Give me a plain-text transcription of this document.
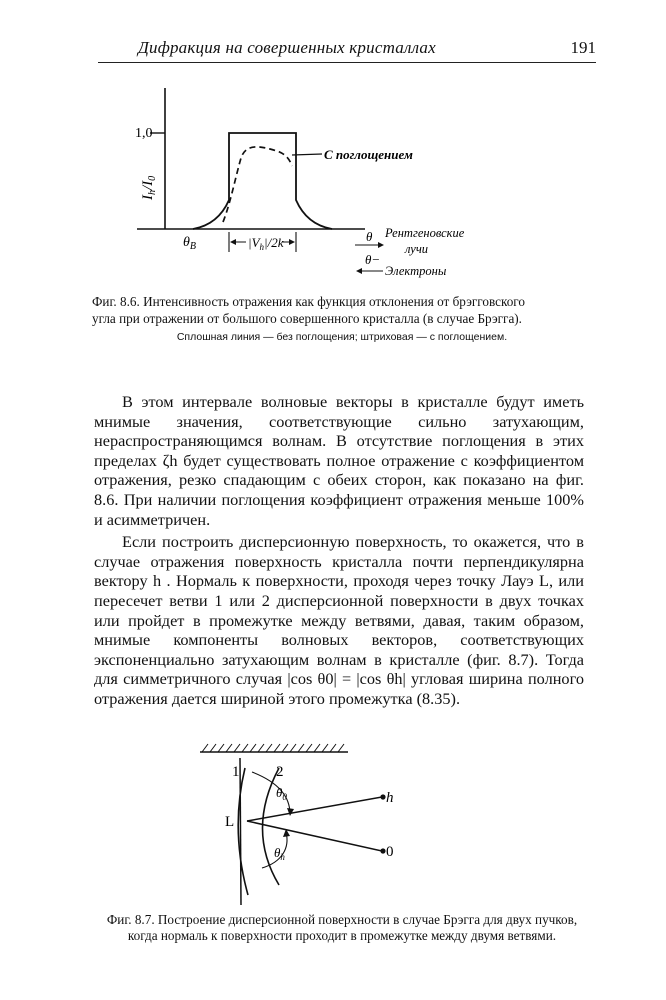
Дифракция на совершенных кристаллах	191
1,0
$I_h/I_0$
С поглощением
$\theta_B$	$|V_h|/2k$	θ Рентгеновские
лучи
θ−
Электроны
Фиг. 8.6. Интенсивность отражения как функция отклонения от брэгговского
угла при отражении от большого совершенного кристалла (в случае Брэгга).
Сплошная линия — без поглощения; штриховая — с поглощением.

В этом интервале волновые векторы в кристалле будут иметь мнимые значения, соответствующие сильно затухающим, нераспространяющимся волнам. В отсутствие поглощения в этих пределах ζh будет существовать полное отражение с коэффициентом отражения, резко спадающим с обеих сторон, как показано на фиг. 8.6. При наличии поглощения коэффициент отражения меньше 100% и асимметричен.

Если построить дисперсионную поверхность, то окажется, что в случае отражения поверхность кристалла почти перпендикулярна вектору h . Нормаль к поверхности, проходя через точку Лауэ L, или пересечет ветви 1 или 2 дисперсионной поверхности в двух точках или пройдет в промежутке между ветвями, давая, таким образом, мнимые компоненты волновых векторов, соответствующих экспоненциально затухающим волнам в кристалле (фиг. 8.7). Тогда для симметричного случая |cos θ0| = |cos θh| угловая ширина полного отражения дается шириной этого промежутка (8.35).

1 2
L
h
0
$\theta_0$
$\theta_h$
Фиг. 8.7. Построение дисперсионной поверхности в случае Брэгга для двух пучков, когда нормаль к поверхности проходит в промежутке между двумя ветвями.
